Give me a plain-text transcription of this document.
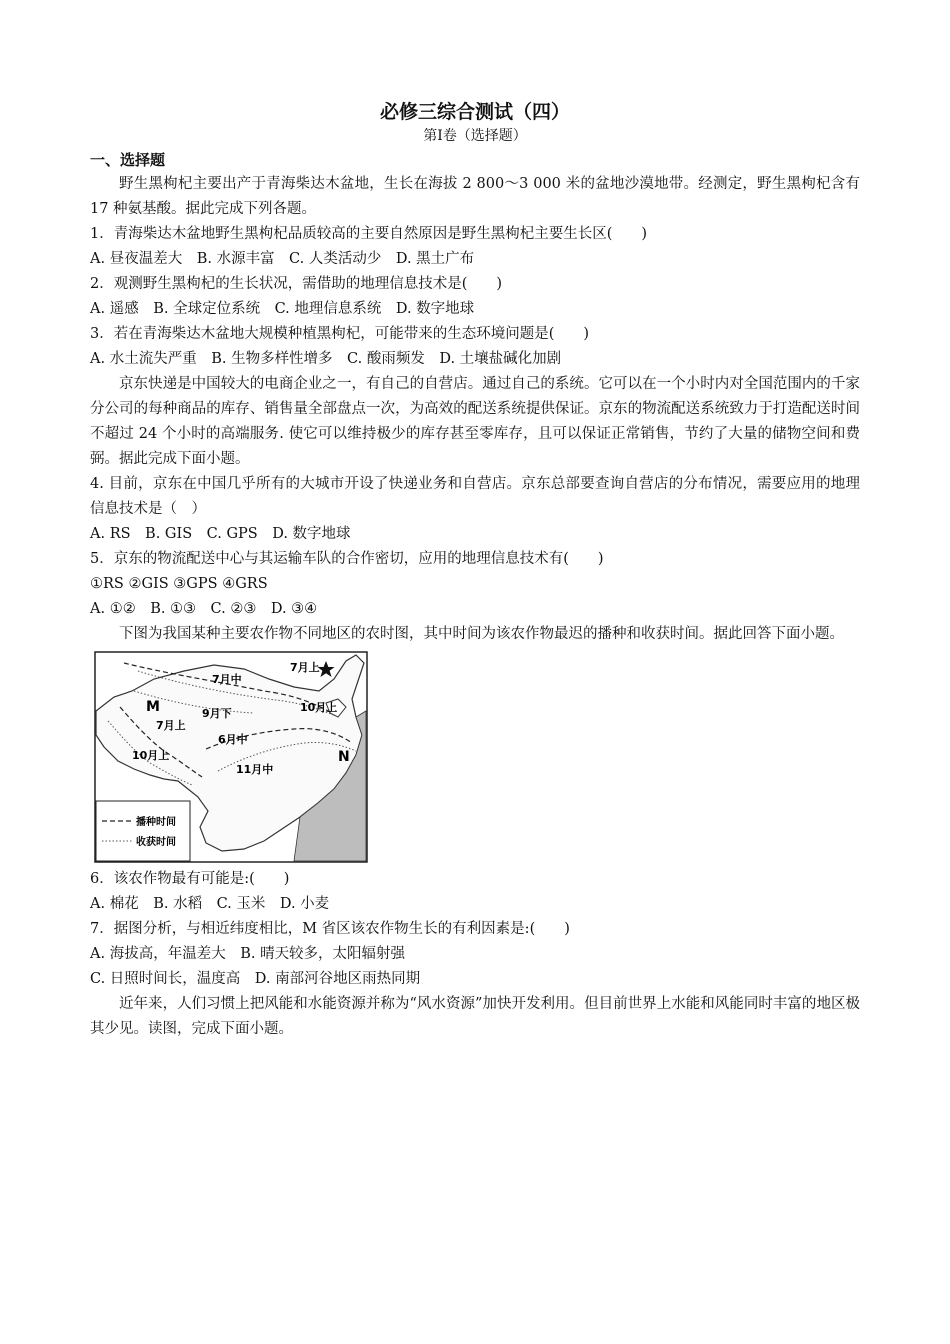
必修三综合测试（四）
第Ⅰ卷（选择题）
一、选择题

野生黑枸杞主要出产于青海柴达木盆地，生长在海拔 2 800～3 000 米的盆地沙漠地带。经测定，野生黑枸杞含有 17 种氨基酸。据此完成下列各题。

1．青海柴达木盆地野生黑枸杞品质较高的主要自然原因是野生黑枸杞主要生长区(　　)

A. 昼夜温差大　B. 水源丰富　C. 人类活动少　D. 黑土广布

2．观测野生黑枸杞的生长状况，需借助的地理信息技术是(　　)

A. 遥感　B. 全球定位系统　C. 地理信息系统　D. 数字地球

3．若在青海柴达木盆地大规模种植黑枸杞，可能带来的生态环境问题是(　　)

A. 水土流失严重　B. 生物多样性增多　C. 酸雨频发　D. 土壤盐碱化加剧

京东快递是中国较大的电商企业之一，有自己的自营店。通过自己的系统。它可以在一个小时内对全国范围内的千家分公司的每种商品的库存、销售量全部盘点一次，为高效的配送系统提供保证。京东的物流配送系统致力于打造配送时间不超过 24 个小时的高端服务. 使它可以维持极少的库存甚至零库存，且可以保证正常销售，节约了大量的储物空间和费弼。据此完成下面小题。

4. 目前，京东在中国几乎所有的大城市开设了快递业务和自营店。京东总部要查询自营店的分布情况，需要应用的地理信息技术是（　）

A. RS　B. GIS　C. GPS　D. 数字地球

5．京东的物流配送中心与其运输车队的合作密切，应用的地理信息技术有(　　)

①RS ②GIS ③GPS ④GRS

A. ①②　B. ①③　C. ②③　D. ③④

下图为我国某种主要农作物不同地区的农时图，其中时间为该农作物最迟的播种和收获时间。据此回答下面小题。

7月上
7月中
10月上
9月下
M
7月上
6月中
10月上
11月中
N
播种时间
收获时间

6．该农作物最有可能是:(　　)

A. 棉花　B. 水稻　C. 玉米　D. 小麦

7．据图分析，与相近纬度相比，M 省区该农作物生长的有利因素是:(　　)

A. 海拔高，年温差大　B. 晴天较多，太阳辐射强

C. 日照时间长，温度高　D. 南部河谷地区雨热同期

近年来，人们习惯上把风能和水能资源并称为“风水资源”加快开发利用。但目前世界上水能和风能同时丰富的地区极其少见。读图，完成下面小题。
